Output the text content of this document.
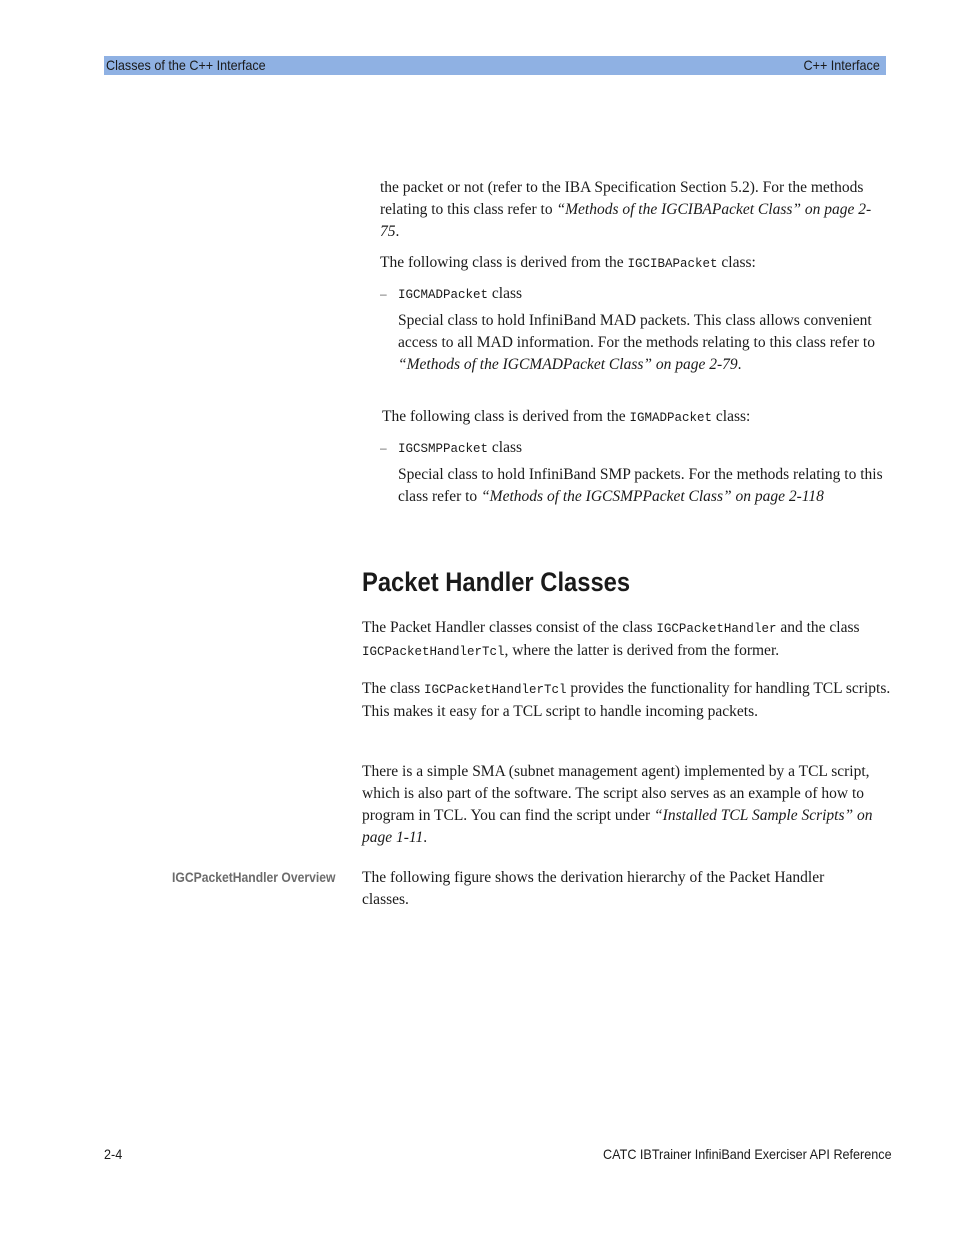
Classes of the C++ Interface	C++ Interface

the packet or not (refer to the IBA Specification Section 5.2). For the methods relating to this class refer to “Methods of the IGCIBAPacket Class” on page 2-75.

The following class is derived from the IGCIBAPacket class:

– IGCMADPacket class

Special class to hold InfiniBand MAD packets. This class allows convenient access to all MAD information. For the methods relating to this class refer to “Methods of the IGCMADPacket Class” on page 2-79.

The following class is derived from the IGMADPacket class:

– IGCSMPPacket class

Special class to hold InfiniBand SMP packets. For the methods relating to this class refer to “Methods of the IGCSMPPacket Class” on page 2-118

Packet Handler Classes

The Packet Handler classes consist of the class IGCPacketHandler and the class IGCPacketHandlerTcl, where the latter is derived from the former.

The class IGCPacketHandlerTcl provides the functionality for handling TCL scripts. This makes it easy for a TCL script to handle incoming packets.

There is a simple SMA (subnet management agent) implemented by a TCL script, which is also part of the software. The script also serves as an example of how to program in TCL. You can find the script under “Installed TCL Sample Scripts” on page 1-11.

IGCPacketHandler Overview The following figure shows the derivation hierarchy of the Packet Handler classes.

2-4	CATC IBTrainer InfiniBand Exerciser API Reference
